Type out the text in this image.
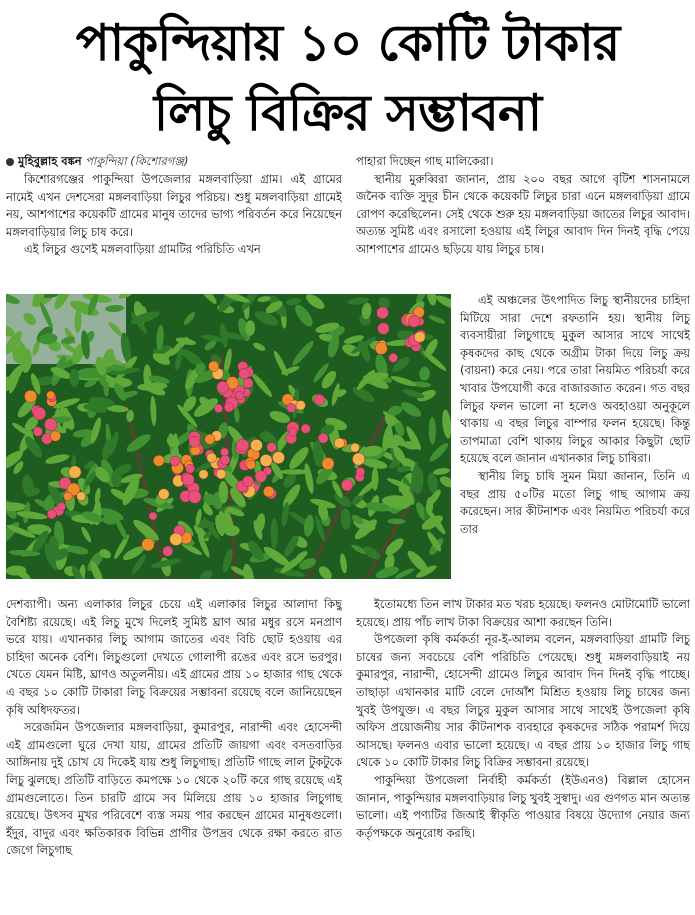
পাকুন্দিয়ায় ১০ কোটি টাকার
লিচু বিক্রির সম্ভাবনা
মুহিবুল্লাহ বঙ্কন পাকুন্দিয়া (কিশোরগঞ্জ)

কিশোরগঞ্জের পাকুন্দিয়া উপজেলার মঙ্গলবাড়িয়া গ্রাম। এই গ্রামের নামেই এখন দেশসেরা মঙ্গলবাড়িয়া লিচুর পরিচয়। শুধু মঙ্গলবাড়িয়া গ্রামেই নয়, আশপাশের কয়েকটি গ্রামের মানুষ তাদের ভাগ্য পরিবর্তন করে নিয়েছেন মঙ্গলবাড়িয়ার লিচু চাষ করে।

এই লিচুর গুণেই মঙ্গলবাড়িয়া গ্রামটির পরিচিতি এখন

পাহারা দিচ্ছেন গাছ মালিকেরা।

স্থানীয় মুরুব্বিরা জানান, প্রায় ২০০ বছর আগে বৃটিশ শাসনামলে জনৈক ব্যক্তি সুদূর চীন থেকে কয়েকটি লিচুর চারা এনে মঙ্গলবাড়িয়া গ্রামে রোপণ করেছিলেন। সেই থেকে শুরু হয় মঙ্গলবাড়িয়া জাতের লিচুর আবাদ। অত্যন্ত সুমিষ্ট এবং রসালো হওয়ায় এই লিচুর আবাদ দিন দিনই বৃদ্ধি পেয়ে আশপাশের গ্রামেও ছড়িয়ে যায় লিচুর চাষ।

এই অঞ্চলের উৎপাদিত লিচু স্থানীয়দের চাহিদা মিটিয়ে সারা দেশে রফতানি হয়। স্থানীয় লিচু ব্যবসায়ীরা লিচুগাছে মুকুল আসার সাথে সাথেই কৃষকদের কাছ থেকে অগ্রীম টাকা দিয়ে লিচু ক্রয় (বায়না) করে নেয়। পরে তারা নিয়মিত পরিচর্যা করে খাবার উপযোগী করে বাজারজাত করেন। গত বছর লিচুর ফলন ভালো না হলেও অবহাওয়া অনুকূলে থাকায় এ বছর লিচুর বাম্পার ফলন হয়েছে। কিন্তু তাপমাত্রা বেশি থাকায় লিচুর আকার কিছুটা ছোট হয়েছে বলে জানান এখানকার লিচু চাষিরা।

স্থানীয় লিচু চাষি সুমন মিয়া জানান, তিনি এ বছর প্রায় ৫০টির মতো লিচু গাছ আগাম ক্রয় করেছেন। সার কীটনাশক এবং নিয়মিত পরিচর্যা করে তার

দেশব্যাপী। অন্য এলাকার লিচুর চেয়ে এই এলাকার লিচুর আলাদা কিছু বৈশিষ্ট্য রয়েছে। এই লিচু মুখে দিলেই সুমিষ্ট ঘ্রাণ আর মধুর রসে মনপ্রাণ ভরে যায়। এখানকার লিচু আগাম জাতের এবং বিচি ছোট হওয়ায় এর চাহিদা অনেক বেশি। লিচুগুলো দেখতে গোলাপী রঙের এবং রসে ভরপুর। খেতে যেমন মিষ্টি, ঘ্রাণও অতুলনীয়। এই গ্রামের প্রায় ১০ হাজার গাছ থেকে এ বছর ১০ কোটি টাকারা লিচু বিক্রয়ের সম্ভাবনা রয়েছে বলে জানিয়েছেন কৃষি অধিদফতর।

সরেজমিন উপজেলার মঙ্গলবাড়িয়া, কুমারপুর, নারান্দী এবং হোসেন্দী এই গ্রামগুলো ঘুরে দেখা যায়, গ্রামের প্রতিটি জায়গা এবং বসতবাড়ির আঙ্গিনায় দুই চোখ যে দিকেই যায় শুধু লিচুগাছ। প্রতিটি গাছে লাল টুকটুকে লিচু ঝুলছে। প্রতিটি বাড়িতে কমপক্ষে ১০ থেকে ২০টি করে গাছ রয়েছে এই গ্রামগুলোতে। তিন চারটি গ্রামে সব মিলিয়ে প্রায় ১০ হাজার লিচুগাছ রয়েছে। উৎসব মুখর পরিবেশে ব্যস্ত সময় পার করছেন গ্রামের মানুষগুলো। ইঁদুর, বাদুর এবং ক্ষতিকারক বিভিন্ন প্রাণীর উপদ্রব থেকে রক্ষা করতে রাত জেগে লিচুগাছ

ইতোমধ্যে তিন লাখ টাকার মত খরচ হয়েছে। ফলনও মোটামোটি ভালো হয়েছে। প্রায় পাঁচ লাখ টাকা বিক্রয়ের আশা করছেন তিনি।

উপজেলা কৃষি কর্মকর্তা নূর-ই-আলম বলেন, মঙ্গলবাড়িয়া গ্রামটি লিচু চাষের জন্য সবচেয়ে বেশি পরিচিতি পেয়েছে। শুধু মঙ্গলবাড়িয়াই নয় কুমারপুর, নারান্দী, হোসেন্দী গ্রামেও লিচুর আবাদ দিন দিনই বৃদ্ধি পাচ্ছে। তাছাড়া এখানকার মাটি বেলে দোআঁশ মিশ্রিত হওয়ায় লিচু চাষের জন্য খুবই উপযুক্ত। এ বছর লিচুর মুকুল আসার সাথে সাথেই উপজেলা কৃষি অফিস প্রয়োজনীয় সার কীটনাশক ব্যবহারে কৃষকদের সঠিক পরামর্শ দিয়ে আসছে। ফলনও এবার ভালো হয়েছে। এ বছর প্রায় ১০ হাজার লিচু গাছ থেকে ১০ কোটি টাকার লিচু বিক্রির সম্ভাবনা রয়েছে।

পাকুন্দিয়া উপজেলা নির্বাহী কর্মকর্তা (ইউএনও) বিল্লাল হোসেন জানান, পাকুন্দিয়ার মঙ্গলবাড়িয়ার লিচু খুবই সুস্বাদু। এর গুণগত মান অত্যন্ত ভালো। এই পণ্যটির জিআই স্বীকৃতি পাওয়ার বিষয়ে উদ্যোগ নেয়ার জন্য কর্তৃপক্ষকে অনুরোধ করছি।
